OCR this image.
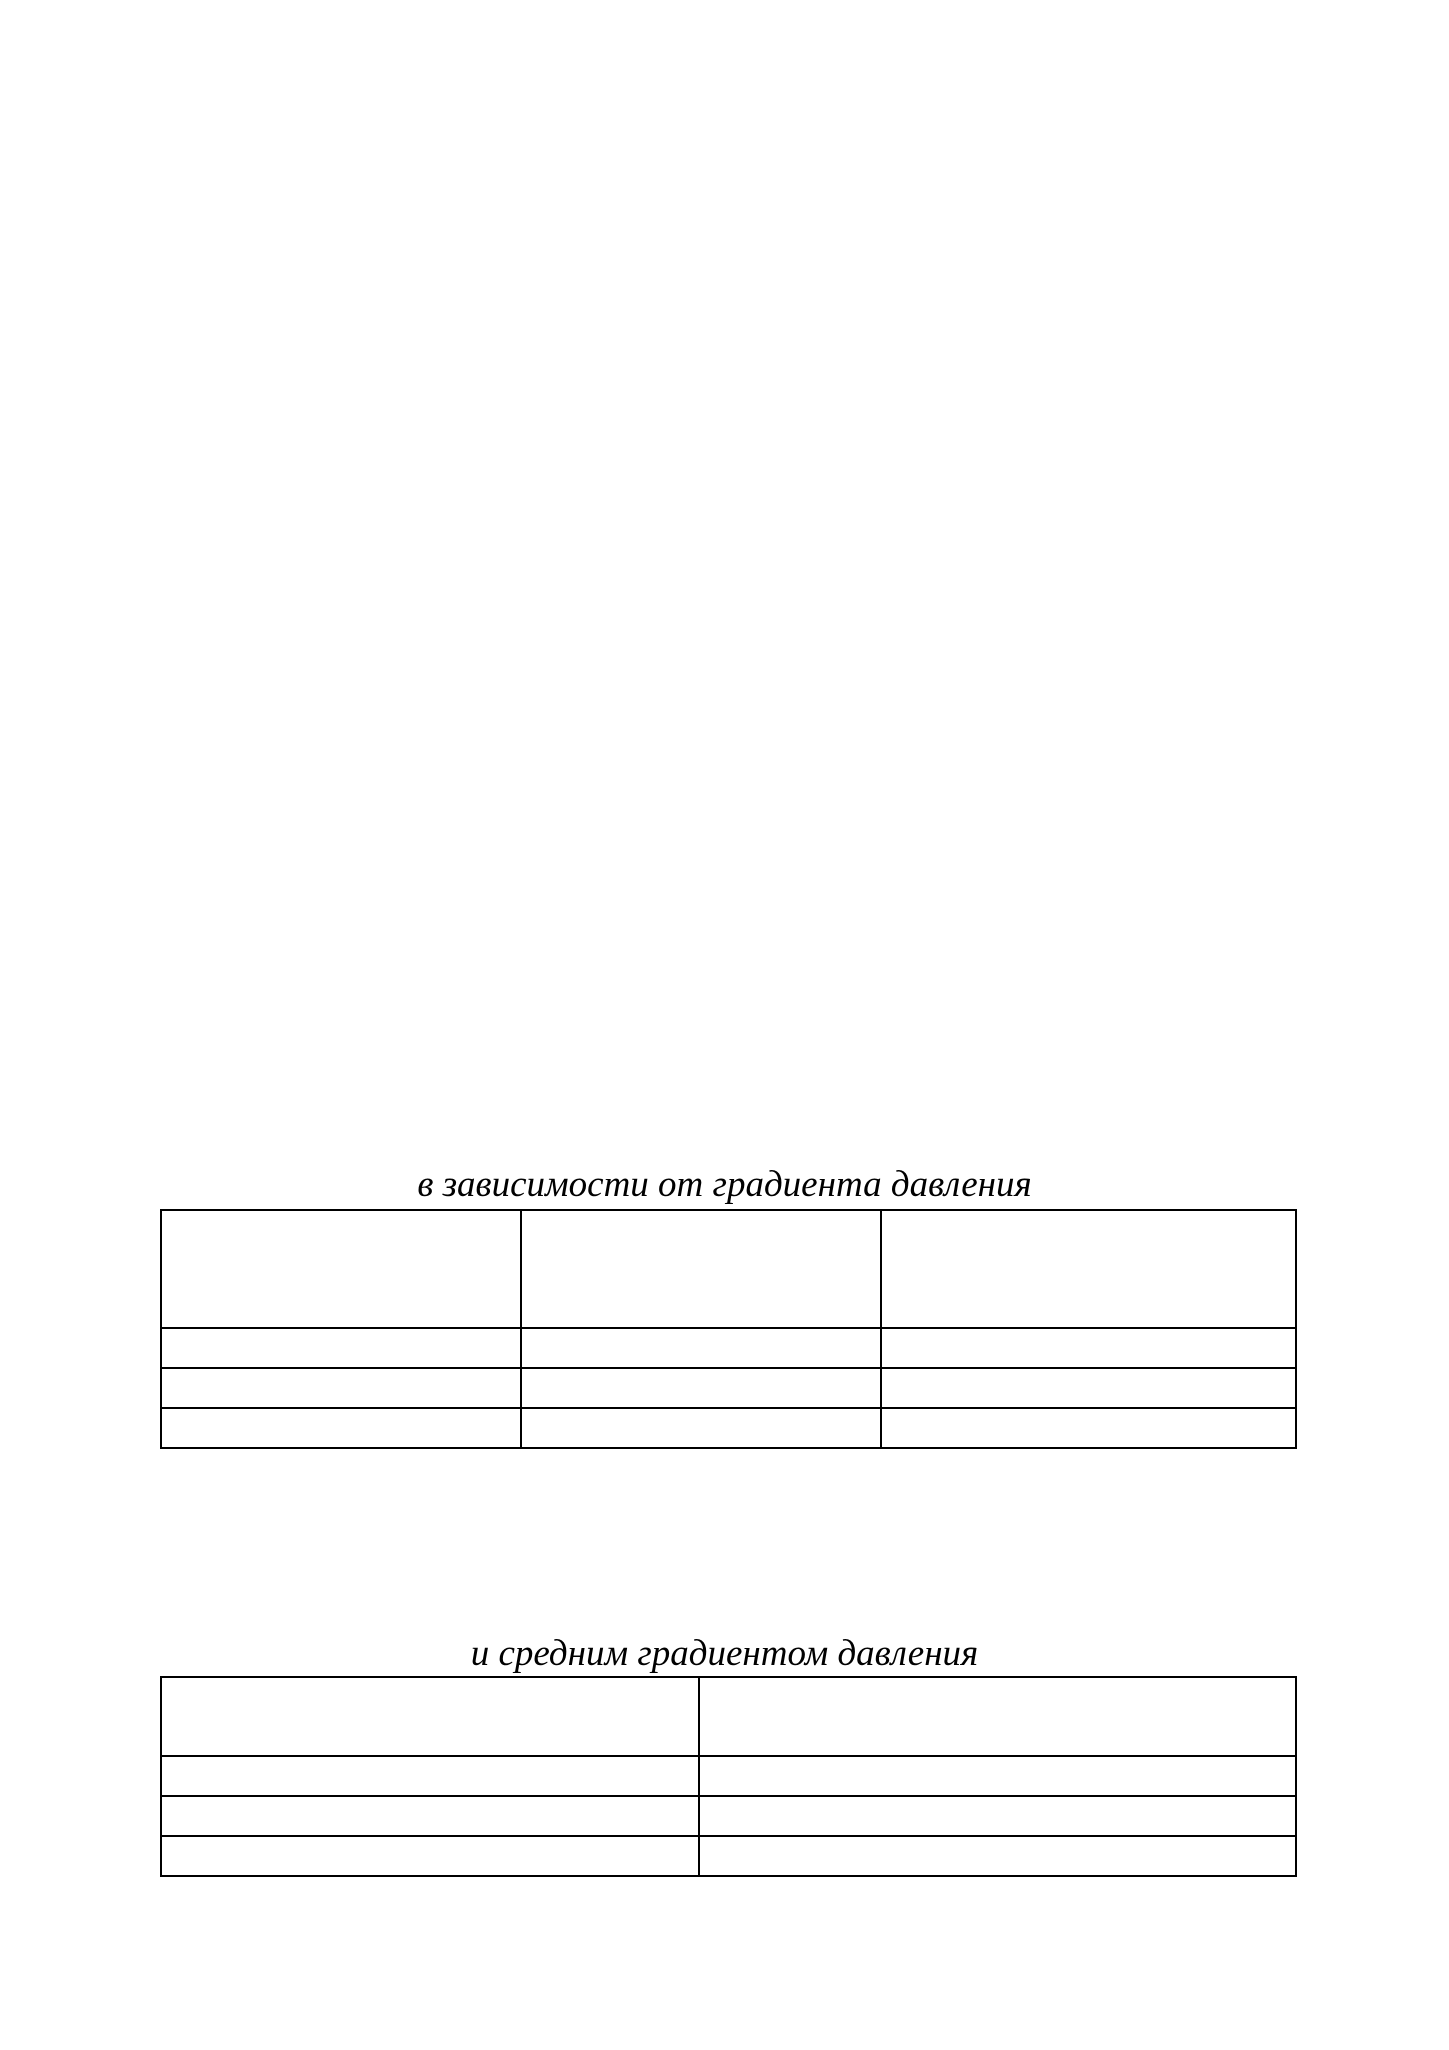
в зависимости от градиента давления

и средним градиентом давления
